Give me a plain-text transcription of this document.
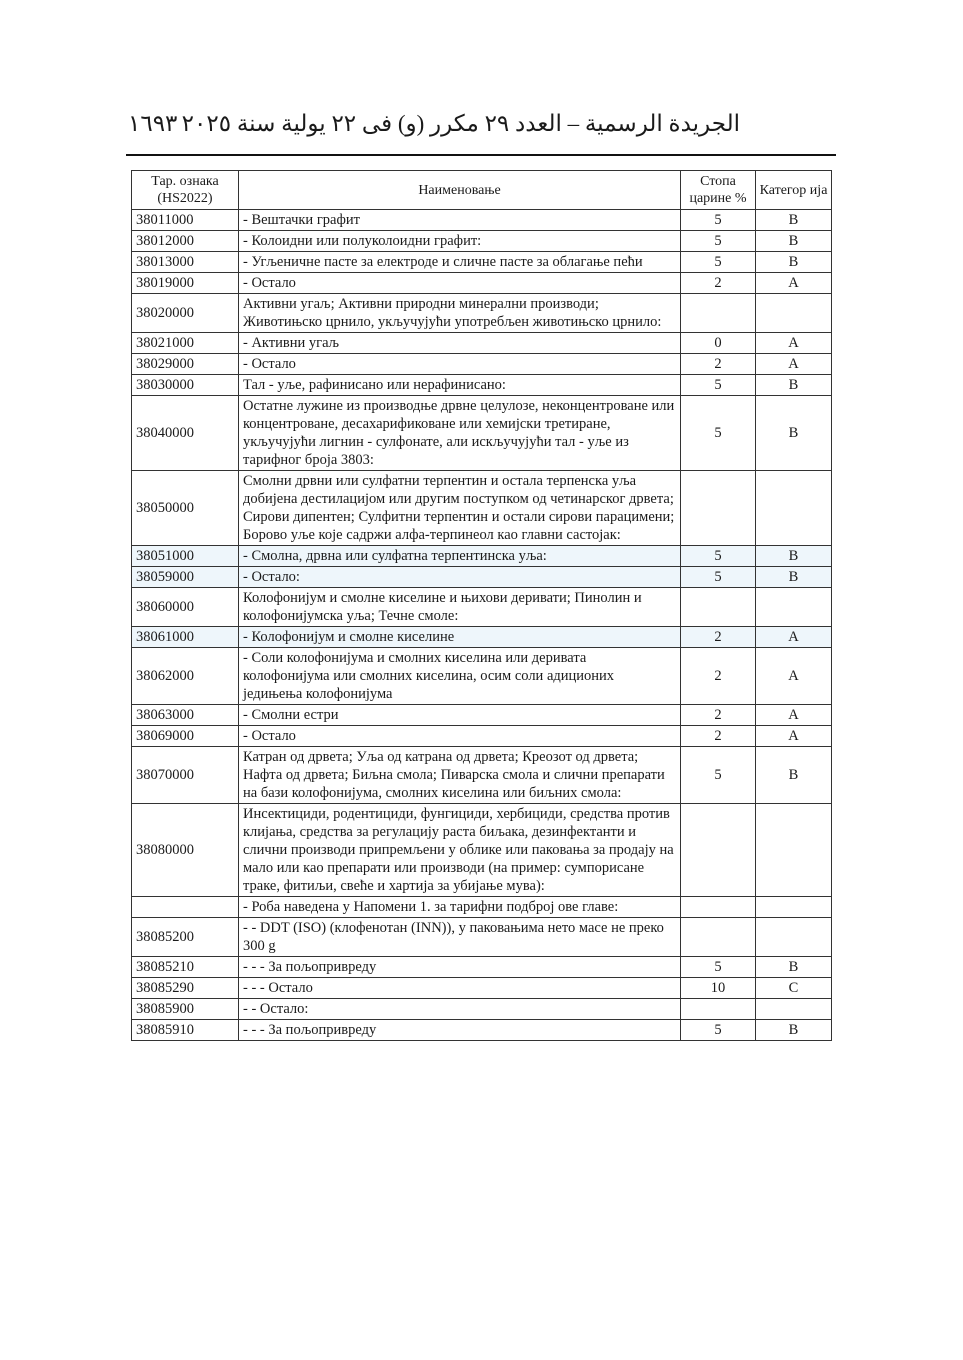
الجريدة الرسمية – العدد ٢٩ مكرر (و) فى ٢٢ يولية سنة ٢٠٢٥
١٦٩٣
Тар. ознака (HS2022)	Наименовање	Стопа царине %	Категор ија
38011000	- Вештачки графит	5	B
38012000	- Колоидни или полуколоидни графит:	5	B
38013000	- Угљеничне пасте за електроде и сличне пасте за облагање пећи	5	B
38019000	- Остало	2	A
38020000	Активни угаљ; Активни природни минерални производи; Животињско црнило, укључујући употребљен животињско црнило:		
38021000	- Активни угаљ	0	A
38029000	- Остало	2	A
38030000	Тал - уље, рафинисано или нерафинисано:	5	B
38040000	Остатне лужине из производње дрвне целулозе, неконцентроване или концентроване, десахарификоване или хемијски третиране, укључујући лигнин - сулфонате, али искључујући тал - уље из тарифног броја 3803:	5	B
38050000	Смолни дрвни или сулфатни терпентин и остала терпенска уља добијена дестилацијом или другим поступком од четинарског дрвета; Сирови дипентен; Сулфитни терпентин и остали сирови парацимени; Борово уље које садржи алфа-терпинеол као главни састојак:		
38051000	- Смолна, дрвна или сулфатна терпентинска уља:	5	B
38059000	- Остало:	5	B
38060000	Колофонијум и смолне киселине и њихови деривати; Пинолин и колофонијумска уља; Течне смоле:		
38061000	- Колофонијум и смолне киселине	2	A
38062000	- Соли колофонијума и смолних киселина или деривата колофонијума или смолних киселина, осим соли адиционих једињења колофонијума	2	A
38063000	- Смолни естри	2	A
38069000	- Остало	2	A
38070000	Катран од дрвета; Уља од катрана од дрвета; Креозот од дрвета; Нафта од дрвета; Биљна смола; Пиварска смола и слични препарати на бази колофонијума, смолних киселина или биљних смола:	5	B
38080000	Инсектициди, родентициди, фунгициди, хербициди, средства против клијања, средства за регулацију раста биљака, дезинфектанти и слични производи припремљени у облике или паковања за продају на мало или као препарати или производи (на пример: сумпорисане траке, фитиљи, свеће и хартија за убијање мува):		
	- Роба наведена у Напомени 1. за тарифни подброј ове главе:		
38085200	- - DDT (ISO) (клофенотан (INN)), у паковањима нето масе не преко 300 g		
38085210	- - - За пољопривреду	5	B
38085290	- - - Остало	10	C
38085900	- - Остало:		
38085910	- - - За пољопривреду	5	B
